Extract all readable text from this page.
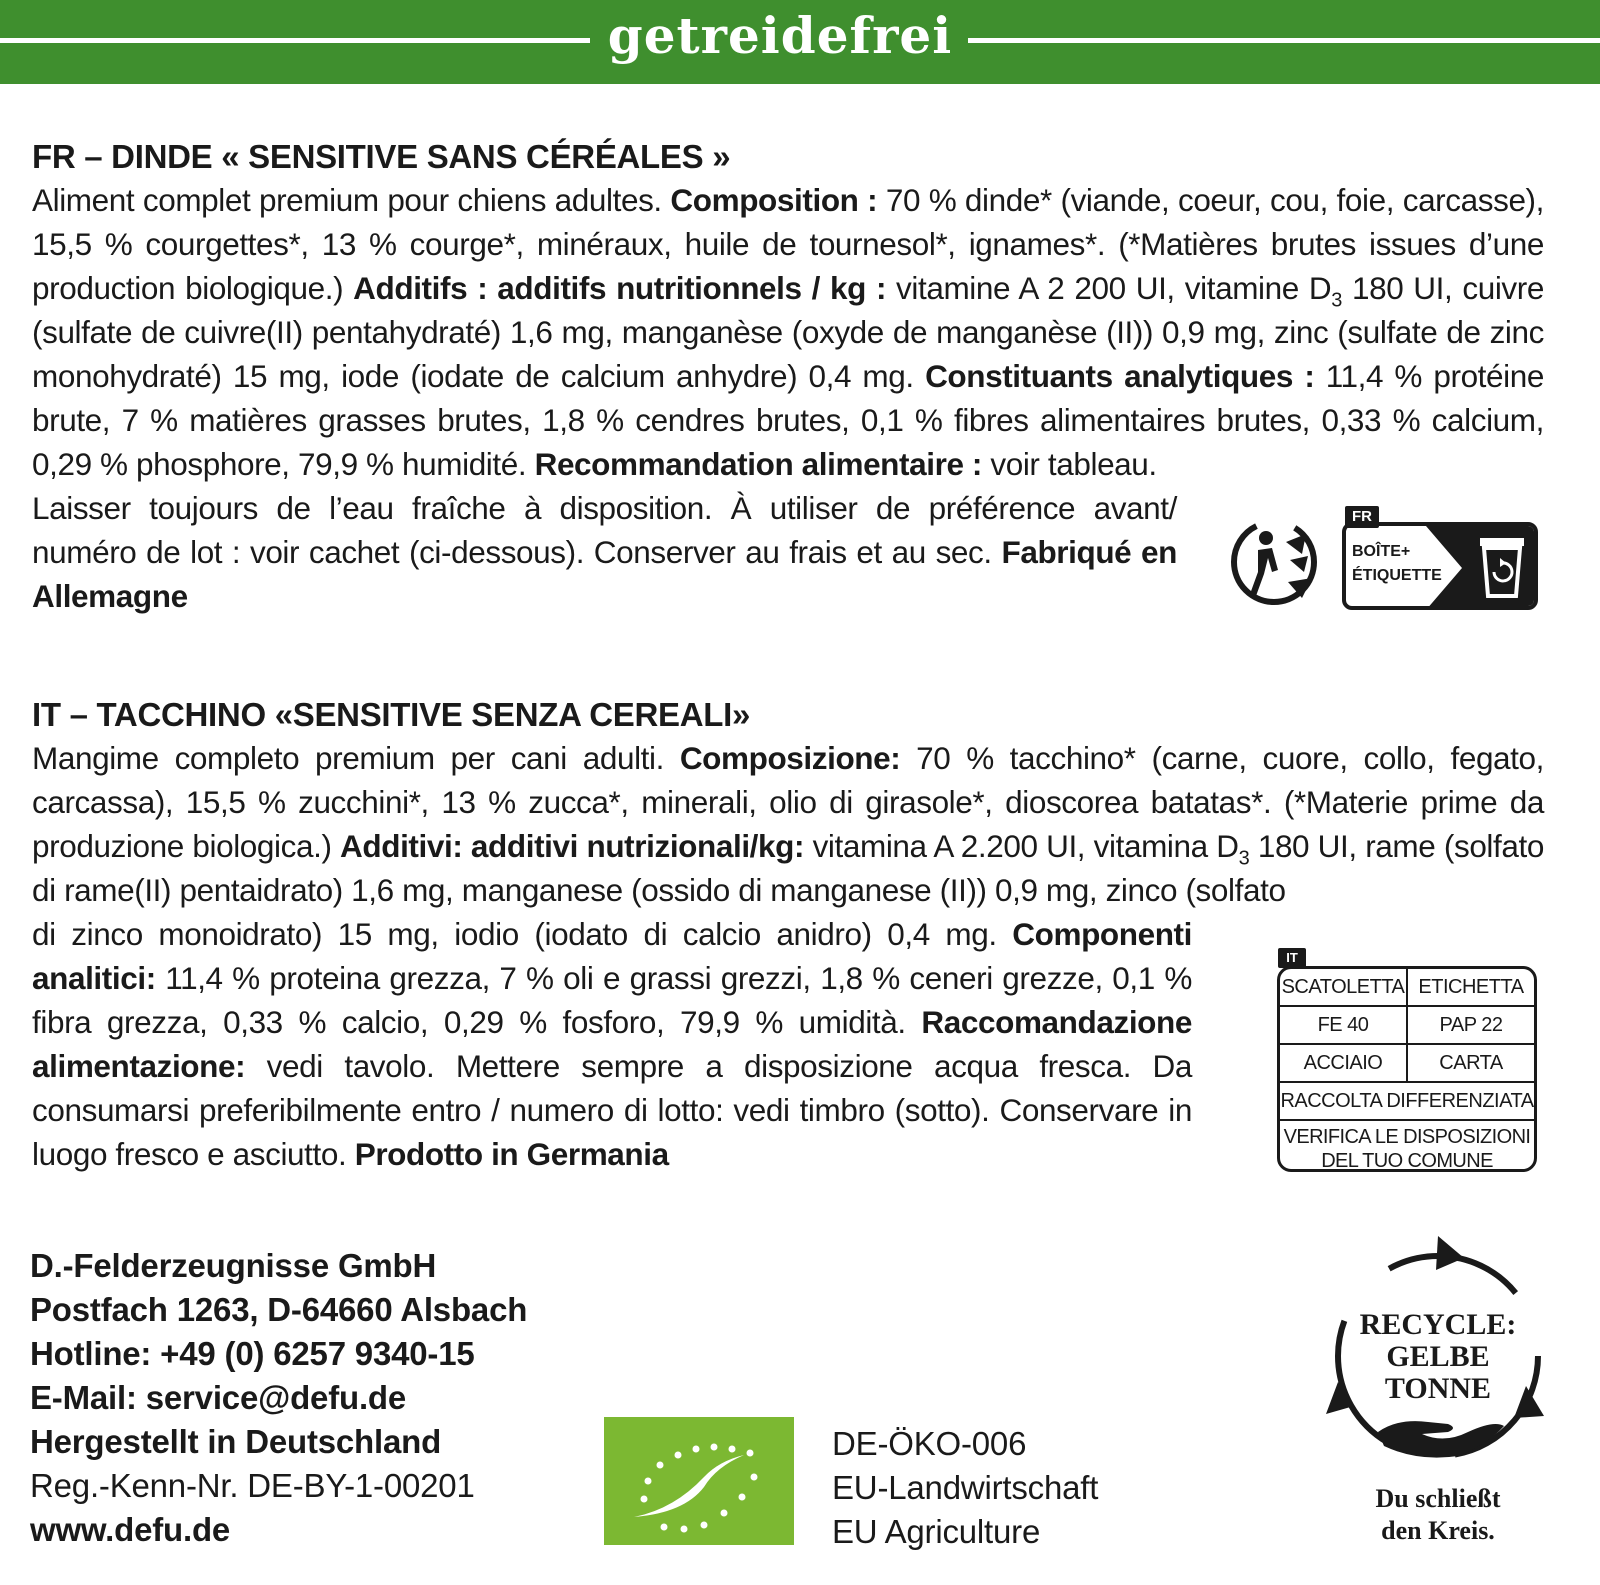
getreidefrei

FR – DINDE « SENSITIVE SANS CÉRÉALES »

Aliment complet premium pour chiens adultes. Composition : 70 % dinde* (viande, coeur, cou, foie, carcasse), 15,5 % courgettes*, 13 % courge*, minéraux, huile de tournesol*, ignames*. (*Matières brutes issues d’une production biologique.) Additifs : additifs nutritionnels / kg : vitamine A 2 200 UI, vitamine $D_3$ 180 UI, cuivre (sulfate de cuivre(II) pentahydraté) 1,6 mg, manganèse (oxyde de manganèse (II)) 0,9 mg, zinc (sulfate de zinc monohydraté) 15 mg, iode (iodate de calcium anhydre) 0,4 mg. Constituants analytiques : 11,4 % protéine brute, 7 % matières grasses brutes, 1,8 % cendres brutes, 0,1 % fibres alimentaires brutes, 0,33 % calcium, 0,29 % phosphore, 79,9 % humidité. Recommandation alimentaire : voir tableau.

Laisser toujours de l’eau fraîche à disposition. À utiliser de préférence avant/ numéro de lot : voir cachet (ci-dessous). Conserver au frais et au sec. Fabriqué en Allemagne

FR
BOÎTE+
ÉTIQUETTE

IT – TACCHINO «SENSITIVE SENZA CEREALI»

Mangime completo premium per cani adulti. Composizione: 70 % tacchino* (carne, cuore, collo, fegato, carcassa), 15,5 % zucchini*, 13 % zucca*, minerali, olio di girasole*, dioscorea batatas*. (*Materie prime da produzione biologica.) Additivi: additivi nutrizionali/kg: vitamina A 2.200 UI, vitamina $D_3$ 180 UI, rame (solfato di rame(II) pentaidrato) 1,6 mg, manganese (ossido di manganese (II)) 0,9 mg, zinco (solfato

di zinco monoidrato) 15 mg, iodio (iodato di calcio anidro) 0,4 mg. Componenti analitici: 11,4 % proteina grezza, 7 % oli e grassi grezzi, 1,8 % ceneri grezze, 0,1 % fibra grezza, 0,33 % calcio, 0,29 % fosforo, 79,9 % umidità. Raccomandazione alimentazione: vedi tavolo. Mettere sempre a disposizione acqua fresca. Da consumarsi preferibilmente entro / numero di lotto: vedi timbro (sotto). Conservare in luogo fresco e asciutto. Prodotto in Germania

IT
SCATOLETTA ETICHETTA
FE 40	PAP 22
ACCIAIO	CARTA
RACCOLTA DIFFERENZIATA
VERIFICA LE DISPOSIZIONI
DEL TUO COMUNE
D.-Felderzeugnisse GmbH
Postfach 1263, D-64660 Alsbach
Hotline: +49 (0) 6257 9340-15
E-Mail: service@defu.de
Hergestellt in Deutschland
Reg.-Kenn-Nr. DE-BY-1-00201
www.defu.de
DE-ÖKO-006
EU-Landwirtschaft
EU Agriculture
RECYCLE:
GELBE
TONNE
Du schließt
den Kreis.
